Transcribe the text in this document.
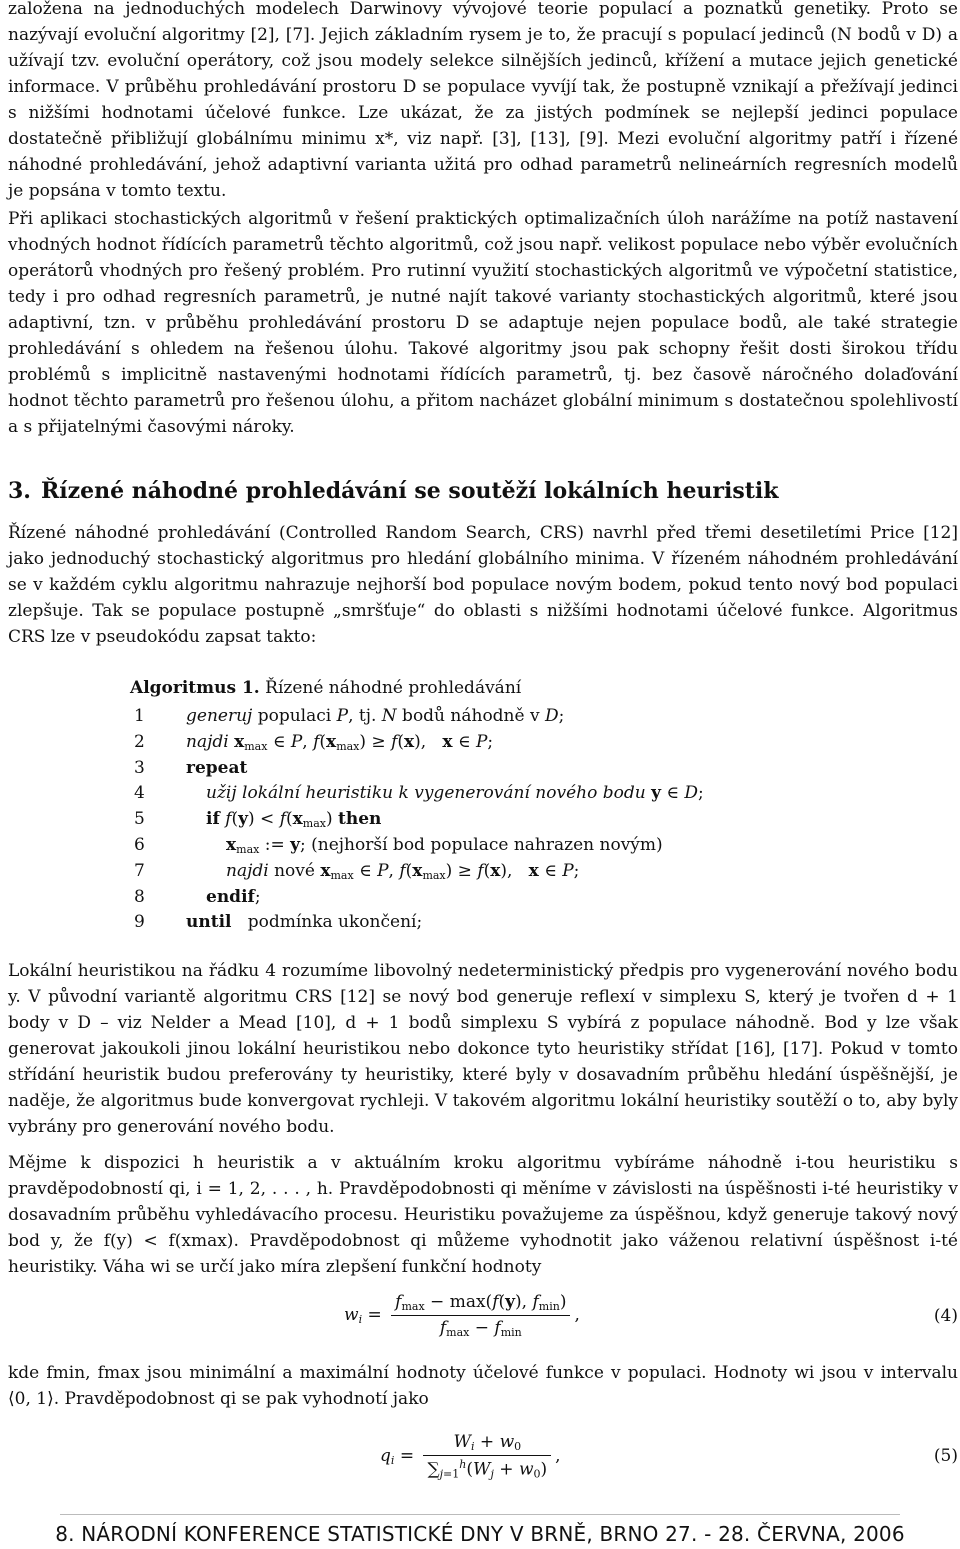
založena na jednoduchých modelech Darwinovy vývojové teorie populací a poznatků genetiky. Proto se nazývají evoluční algoritmy [2], [7]. Jejich základním rysem je to, že pracují s populací jedinců (N bodů v D) a užívají tzv. evoluční operátory, což jsou modely selekce silnějších jedinců, křížení a mutace jejich genetické informace. V průběhu prohledávání prostoru D se populace vyvíjí tak, že postupně vznikají a přežívají jedinci s nižšími hodnotami účelové funkce. Lze ukázat, že za jistých podmínek se nejlepší jedinci populace dostatečně přibližují globálnímu minimu x*, viz např. [3], [13], [9]. Mezi evoluční algoritmy patří i řízené náhodné prohledávání, jehož adaptivní varianta užitá pro odhad parametrů nelineárních regresních modelů je popsána v tomto textu.

Při aplikaci stochastických algoritmů v řešení praktických optimalizačních úloh narážíme na potíž nastavení vhodných hodnot řídících parametrů těchto algoritmů, což jsou např. velikost populace nebo výběr evolučních operátorů vhodných pro řešený problém. Pro rutinní využití stochastických algoritmů ve výpočetní statistice, tedy i pro odhad regresních parametrů, je nutné najít takové varianty stochastických algoritmů, které jsou adaptivní, tzn. v průběhu prohledávání prostoru D se adaptuje nejen populace bodů, ale také strategie prohledávání s ohledem na řešenou úlohu. Takové algoritmy jsou pak schopny řešit dosti širokou třídu problémů s implicitně nastavenými hodnotami řídících parametrů, tj. bez časově náročného dolaďování hodnot těchto parametrů pro řešenou úlohu, a přitom nacházet globální minimum s dostatečnou spolehlivostí a s přijatelnými časovými nároky.

3. Řízené náhodné prohledávání se soutěží lokálních heuristik

Řízené náhodné prohledávání (Controlled Random Search, CRS) navrhl před třemi desetiletími Price [12] jako jednoduchý stochastický algoritmus pro hledání globálního minima. V řízeném náhodném prohledávání se v každém cyklu algoritmu nahrazuje nejhorší bod populace novým bodem, pokud tento nový bod populaci zlepšuje. Tak se populace postupně „smršťuje“ do oblasti s nižšími hodnotami účelové funkce. Algoritmus CRS lze v pseudokódu zapsat takto:

Algoritmus 1. Řízené náhodné prohledávání
1	generuj populaci P, tj. N bodů náhodně v D;
2	najdi $x_{max}$ ∈ P, $f(x_{max}) \ge f(x)$,   x ∈ P;
3	repeat
4	užij lokální heuristiku k vygenerování nového bodu y ∈ D;
5	if $f(y) < f(x_{max})$ then
6	$x_{max}$ := y; (nejhorší bod populace nahrazen novým)
7	najdi nové $x_{max}$ ∈ P, $f(x_{max}) \ge f(x)$,   x ∈ P;
8	endif;
9	until   podmínka ukončení;

Lokální heuristikou na řádku 4 rozumíme libovolný nedeterministický předpis pro vygenerování nového bodu y. V původní variantě algoritmu CRS [12] se nový bod generuje reflexí v simplexu S, který je tvořen d + 1 body v D – viz Nelder a Mead [10], d + 1 bodů simplexu S vybírá z populace náhodně. Bod y lze však generovat jakoukoli jinou lokální heuristikou nebo dokonce tyto heuristiky střídat [16], [17]. Pokud v tomto střídání heuristik budou preferovány ty heuristiky, které byly v dosavadním průběhu hledání úspěšnější, je naděje, že algoritmus bude konvergovat rychleji. V takovém algoritmu lokální heuristiky soutěží o to, aby byly vybrány pro generování nového bodu.

Mějme k dispozici h heuristik a v aktuálním kroku algoritmu vybíráme náhodně i-tou heuristiku s pravděpodobností qi, i = 1, 2, . . . , h. Pravděpodobnosti qi měníme v závislosti na úspěšnosti i-té heuristiky v dosavadním průběhu vyhledávacího procesu. Heuristiku považujeme za úspěšnou, když generuje takový nový bod y, že f(y) < f(xmax). Pravděpodobnost qi můžeme vyhodnotit jako váženou relativní úspěšnost i-té heuristiky. Váha wi se určí jako míra zlepšení funkční hodnoty

$w_i = \frac{f_{max} - \max(f(y), f_{min})}{f_{max} - f_{min}}$ ,	(4)

kde fmin, fmax jsou minimální a maximální hodnoty účelové funkce v populaci. Hodnoty wi jsou v intervalu ⟨0, 1⟩. Pravděpodobnost qi se pak vyhodnotí jako

$q_i = \frac{W_i + w_0}{\sum_{j=1}^h(W_j + w_0)}$ ,	(5)
8. NÁRODNÍ KONFERENCE STATISTICKÉ DNY V BRNĚ, BRNO 27. - 28. ČERVNA, 2006
